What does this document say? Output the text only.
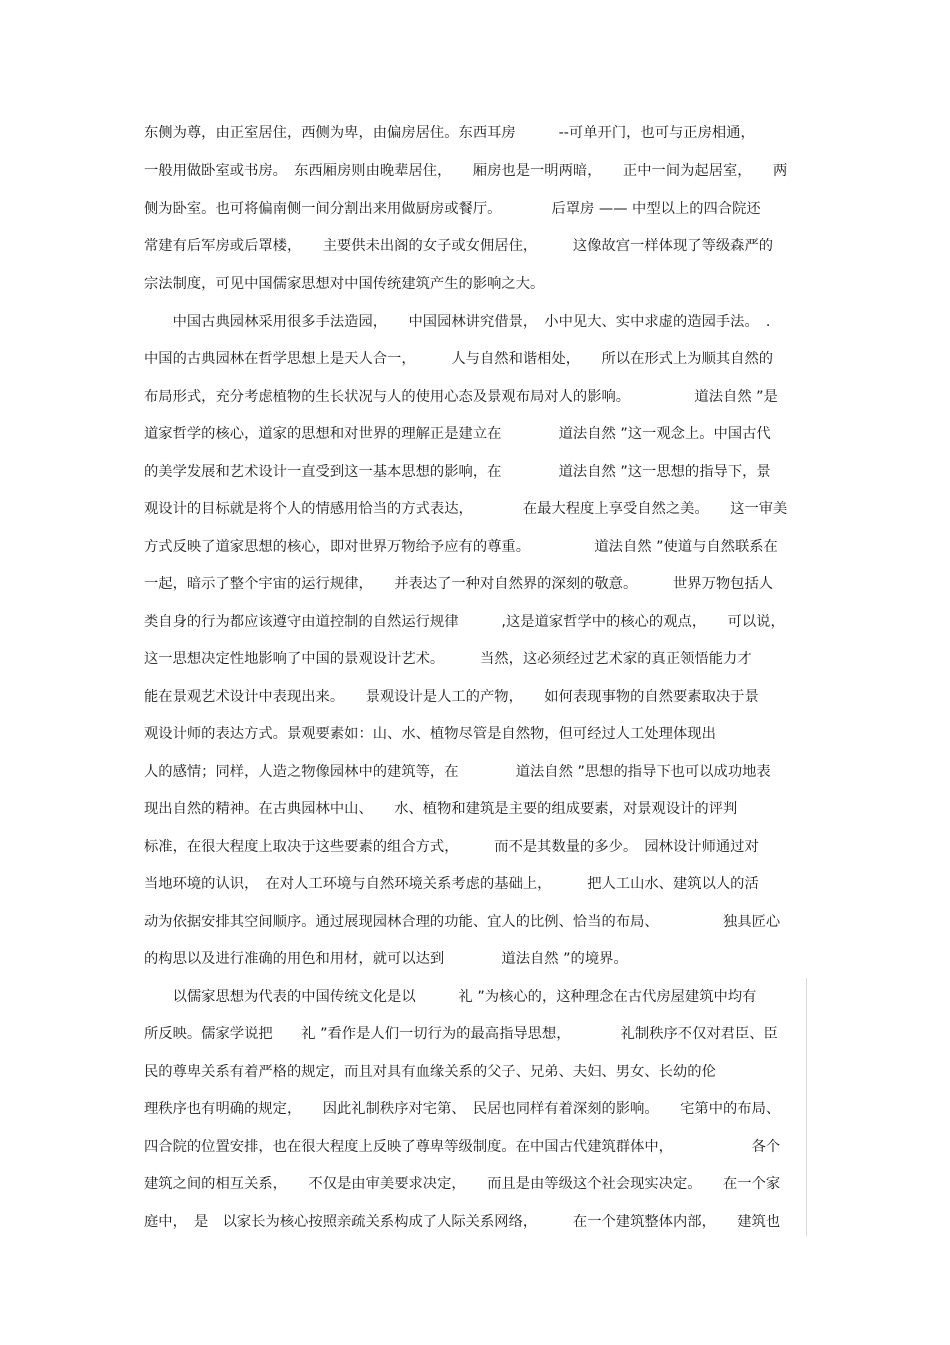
东侧为尊，由正室居住，西侧为卑，由偏房居住。东西耳房　　　--可单开门，也可与正房相通，
一般用做卧室或书房。　东西厢房则由晚辈居住，　　厢房也是一明两暗，　　正中一间为起居室，　　两
侧为卧室。也可将偏南侧一间分割出来用做厨房或餐厅。　　　　后罩房 —— 中型以上的四合院还
常建有后军房或后罩楼，　　主要供未出阁的女子或女佣居住，　　　这像故宫一样体现了等级森严的
宗法制度，可见中国儒家思想对中国传统建筑产生的影响之大。
　　中国古典园林采用很多手法造园，　　中国园林讲究借景，　小中见大、实中求虚的造园手法。　.
中国的古典园林在哲学思想上是天人合一，　　　人与自然和谐相处，　　所以在形式上为顺其自然的
布局形式，充分考虑植物的生长状况与人的使用心态及景观布局对人的影响。　　　　　道法自然 ”是
道家哲学的核心，道家的思想和对世界的理解正是建立在　　　　道法自然 ”这一观念上。中国古代
的美学发展和艺术设计一直受到这一基本思想的影响，在　　　　道法自然 ”这一思想的指导下，景
观设计的目标就是将个人的情感用恰当的方式表达，　　　　在最大程度上享受自然之美。　　这一审美
方式反映了道家思想的核心，即对世界万物给予应有的尊重。　　　　　道法自然 ”使道与自然联系在
一起，暗示了整个宇宙的运行规律，　　并表达了一种对自然界的深刻的敬意。　　　世界万物包括人
类自身的行为都应该遵守由道控制的自然运行规律　　　,这是道家哲学中的核心的观点，　　可以说，
这一思想决定性地影响了中国的景观设计艺术。　　　当然，这必须经过艺术家的真正领悟能力才
能在景观艺术设计中表现出来。　　景观设计是人工的产物，　　如何表现事物的自然要素取决于景
观设计师的表达方式。景观要素如：山、水、植物尽管是自然物，但可经过人工处理体现出
人的感情；同样，人造之物像园林中的建筑等，在　　　　道法自然 ”思想的指导下也可以成功地表
现出自然的精神。在古典园林中山、　　水、植物和建筑是主要的组成要素，对景观设计的评判
标准，在很大程度上取决于这些要素的组合方式，　　　而不是其数量的多少。　园林设计师通过对
当地环境的认识，　在对人工环境与自然环境关系考虑的基础上，　　　把人工山水、建筑以人的活
动为依据安排其空间顺序。通过展现园林合理的功能、宜人的比例、恰当的布局、　　　　　独具匠心
的构思以及进行准确的用色和用材，就可以达到　　　　道法自然 ”的境界。
　　以儒家思想为代表的中国传统文化是以　　　礼 ”为核心的，这种理念在古代房屋建筑中均有
所反映。儒家学说把　　礼 ”看作是人们一切行为的最高指导思想，　　　　礼制秩序不仅对君臣、臣
民的尊卑关系有着严格的规定，而且对具有血缘关系的父子、兄弟、夫妇、男女、长幼的伦
理秩序也有明确的规定，　　因此礼制秩序对宅第、　民居也同样有着深刻的影响。　　宅第中的布局、
四合院的位置安排，也在很大程度上反映了尊卑等级制度。在中国古代建筑群体中，　　　　　　各个
建筑之间的相互关系，　　不仅是由审美要求决定，　　而且是由等级这个社会现实决定。　　在一个家
庭中，　是　以家长为核心按照亲疏关系构成了人际关系网络，　　　在一个建筑整体内部，　　建筑也
